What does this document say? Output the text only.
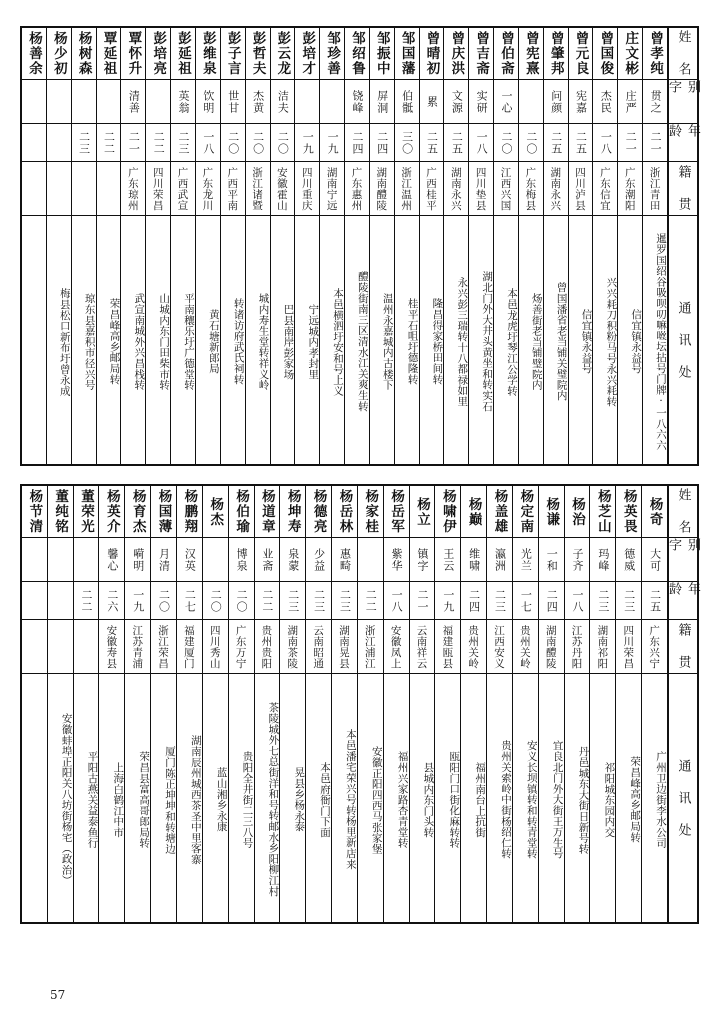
姓 名
别 字
年 龄
籍 贯
通 讯 处
曾孝纯
贯之
二一
浙江青田
暹罗国绍谷吸呗叨嘛咝坛拈号门牌·一八六六
庄文彬
庄严
二一
广东潮阳
信宜镇永益号
曾国俊
杰民
一八
广东信宜
兴兴耗刀积粉马号永兴耗转
曾元良
宪嘉
二五
四川泸县
信宜镇永益号
曾肇邦
问颜
二五
湖南永兴
曾国潘省老当铺关璧院内
曾宪熹
二〇
广东梅县
炀善街老当铺璧院内
曾伯斋
一心
二〇
江西兴国
本邑龙虎圩琴江公学转
曾吉斋
实研
一八
四川垫县
湖北门外大井头黄坐和转实石
曾庆洪
文源
二五
湖南永兴
永兴彭三瑞转十八都禄如里
曾晴初
累
二五
广西桂平
隆昌得家桥田间转
邹国藩
伯骶
三〇
浙江温州
桂平石咀圩德隆转
邹振中
屏洞
二四
湖南醴陵
温州永嘉城内古楼下
邹绍鲁
铙峰
二四
广东惠州
醴陵街南三区清水江关爽生转
邹珍善
一九
湖南宁远
本邑横泗圩安和号上义
彭培才
一九
四川重庆
宁远城内孝封里
彭云龙
洁夫
二〇
安徽霍山
巴县南岸彭家场
彭哲夫
杰黄
二〇
浙江诸暨
城内寿生堂转祥义岭
彭子言
世甘
二〇
广西平南
转诸访府武氏祠转
彭维泉
饮明
一八
广东龙川
黄石塘新郎局
彭延祖
英翁
二三
广西武宣
平南穰乐圩广德堂转
彭培亮
二二
四川荣昌
山城内东门田柴市转
覃怀升
清善
二一
广东琼州
武宣南城外兴昌栈转
覃延祖
二二
荣昌峰高乡邮局转
杨树森
二三
琼东县嘉积市径兴号
杨少初
梅县松口新布圩曾永成
杨善余
姓 名
别 字
年 龄
籍 贯
通 讯 处
杨奇
大可
二五
广东兴宁
广州卫边街李水公司
杨英畏
德威
二三
四川荣昌
荣昌峰高乡邮局转
杨芝山
玛峰
二三
湖南祁阳
祁阳城东园内交
杨治
子齐
一八
江苏丹阳
丹邑城东大街日新号转
杨谦
一和
二四
湖南醴陵
宜良北门外大街王万生号
杨定南
光兰
一七
贵州关岭
安义长坝镇转和转青堂转
杨盖雄
瀛洲
二三
江西安义
贵州关索岭中街杨绍仁转
杨巅
维啸
二四
贵州关岭
福州南台上抗街
杨啸伊
王云
一九
福建瓯县
瓯阳门口街化麻转转
杨立
镇字
二一
云南祥云
县城内东门头转
杨岳军
紫华
一八
安徽凤上
福州兴家路杏青堂转
杨家桂
二二
浙江浦江
安徽正阳四西马张家堡
杨岳林
惠畸
二三
湖南晃县
本邑潘宅荣兴号转杨里新店来
杨德亮
少益
二三
云南昭通
本邑府衙门下面
杨坤寿
泉蒙
二三
湖南茶陵
晃县乡杨永泰
杨道章
业斋
二二
贵州贵阳
茶陵城外七总街洋和号转邮水乡阳柳江村
杨伯瑜
博泉
二〇
广东万宁
贵阳全井街二三八号
杨杰
二〇
四川秀山
蓝山湘乡永康
杨鹏翔
汉英
二七
福建厦门
湖南辰州城西茶圣中里客寨
杨国薄
月清
二〇
浙江荣昌
厦门陈正坤坤和转塘边
杨育杰
嗬明
一九
江苏青浦
荣昌县富高哥郎局转
杨英介
馨心
二六
安徽寿县
上海白鹤江中市
董荣光
二二
平阳古燕关益泰鱼行
董纯铭
安徽蚌埠正阳关八坊街杨宅（政治）
杨节清
57
